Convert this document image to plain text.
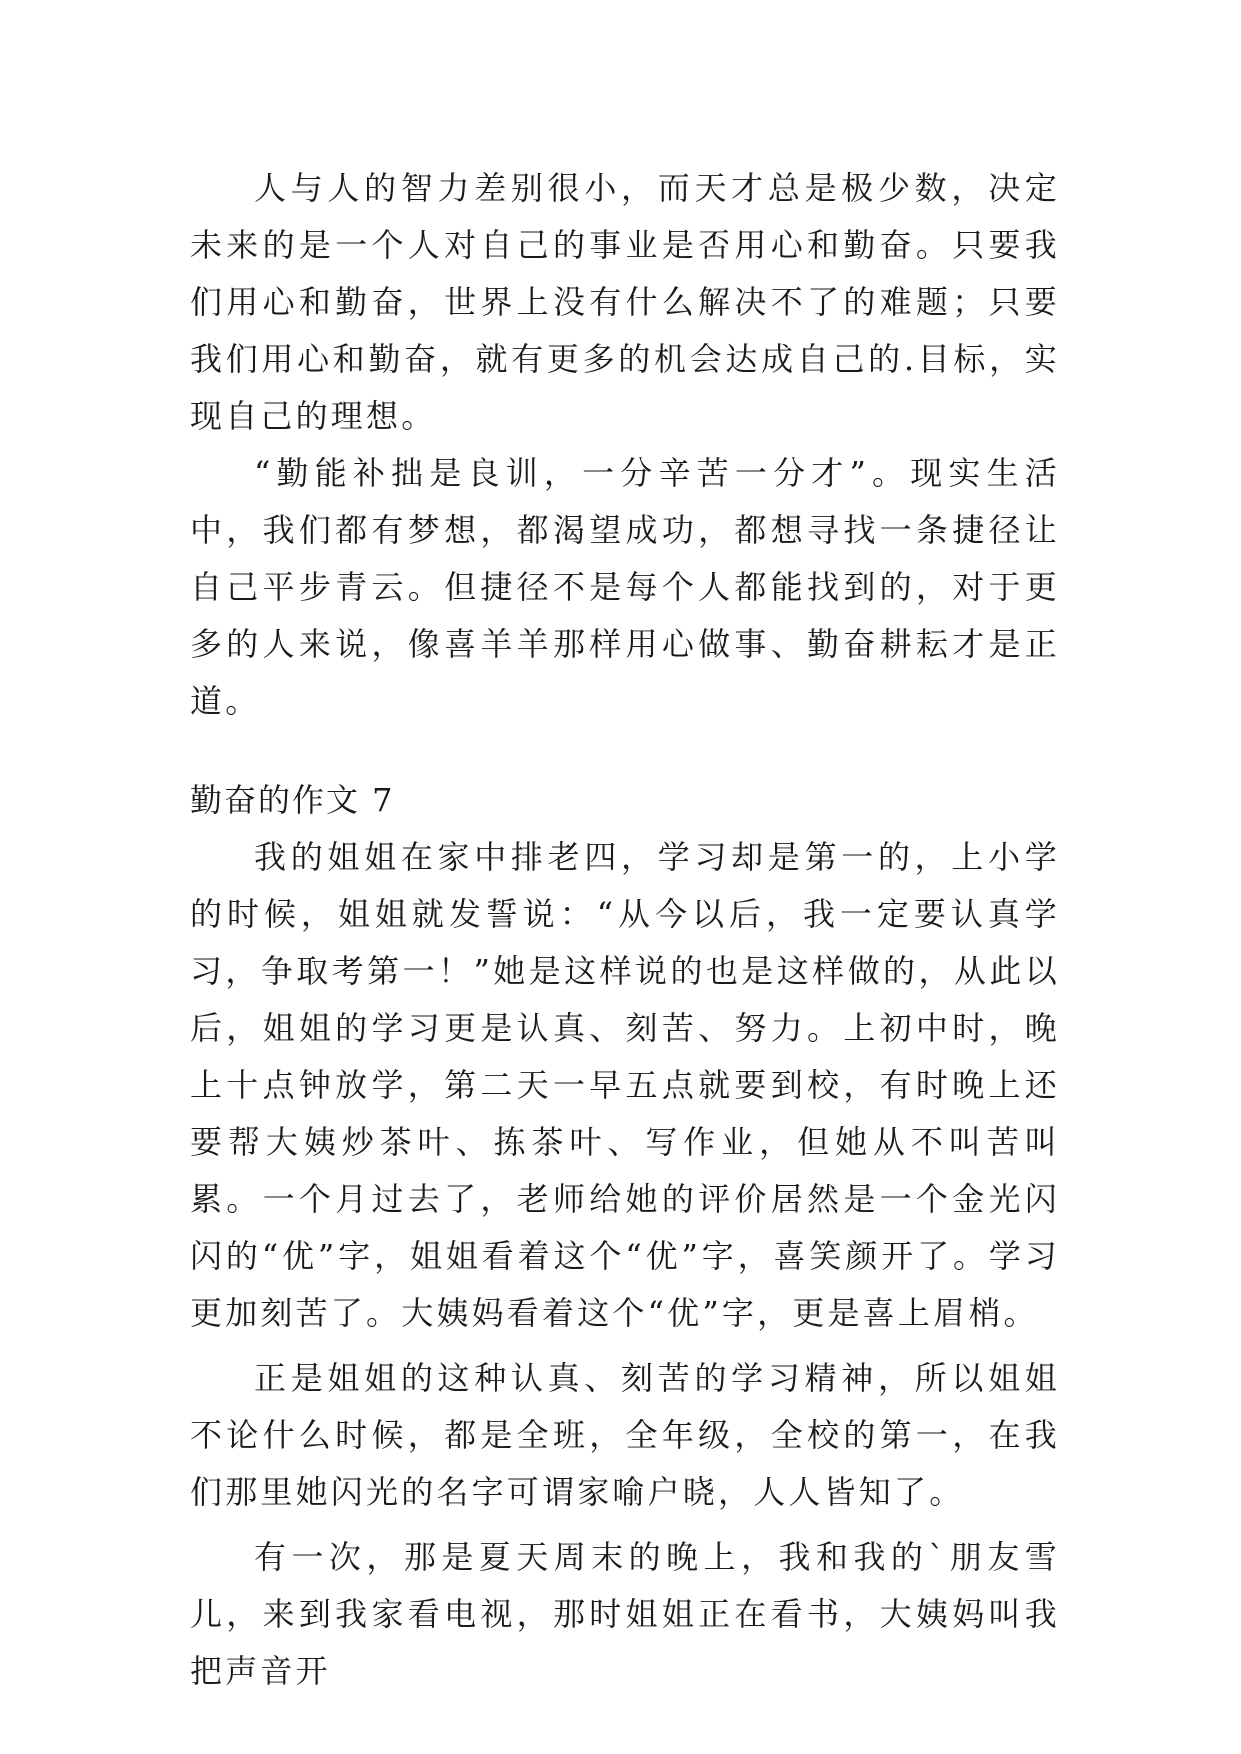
人与人的智力差别很小，而天才总是极少数，决定未来的是一个人对自己的事业是否用心和勤奋。只要我们用心和勤奋，世界上没有什么解决不了的难题；只要我们用心和勤奋，就有更多的机会达成自己的.目标，实现自己的理想。

“勤能补拙是良训，一分辛苦一分才”。现实生活中，我们都有梦想，都渴望成功，都想寻找一条捷径让自己平步青云。但捷径不是每个人都能找到的，对于更多的人来说，像喜羊羊那样用心做事、勤奋耕耘才是正道。

勤奋的作文 7

我的姐姐在家中排老四，学习却是第一的，上小学的时候，姐姐就发誓说：“从今以后，我一定要认真学习，争取考第一！”她是这样说的也是这样做的，从此以后，姐姐的学习更是认真、刻苦、努力。上初中时，晚上十点钟放学，第二天一早五点就要到校，有时晚上还要帮大姨炒茶叶、拣茶叶、写作业，但她从不叫苦叫累。一个月过去了，老师给她的评价居然是一个金光闪闪的“优”字，姐姐看着这个“优”字，喜笑颜开了。学习更加刻苦了。大姨妈看着这个“优”字，更是喜上眉梢。

正是姐姐的这种认真、刻苦的学习精神，所以姐姐不论什么时候，都是全班，全年级，全校的第一，在我们那里她闪光的名字可谓家喻户晓，人人皆知了。

有一次，那是夏天周末的晚上，我和我的`朋友雪儿，来到我家看电视，那时姐姐正在看书，大姨妈叫我把声音开
